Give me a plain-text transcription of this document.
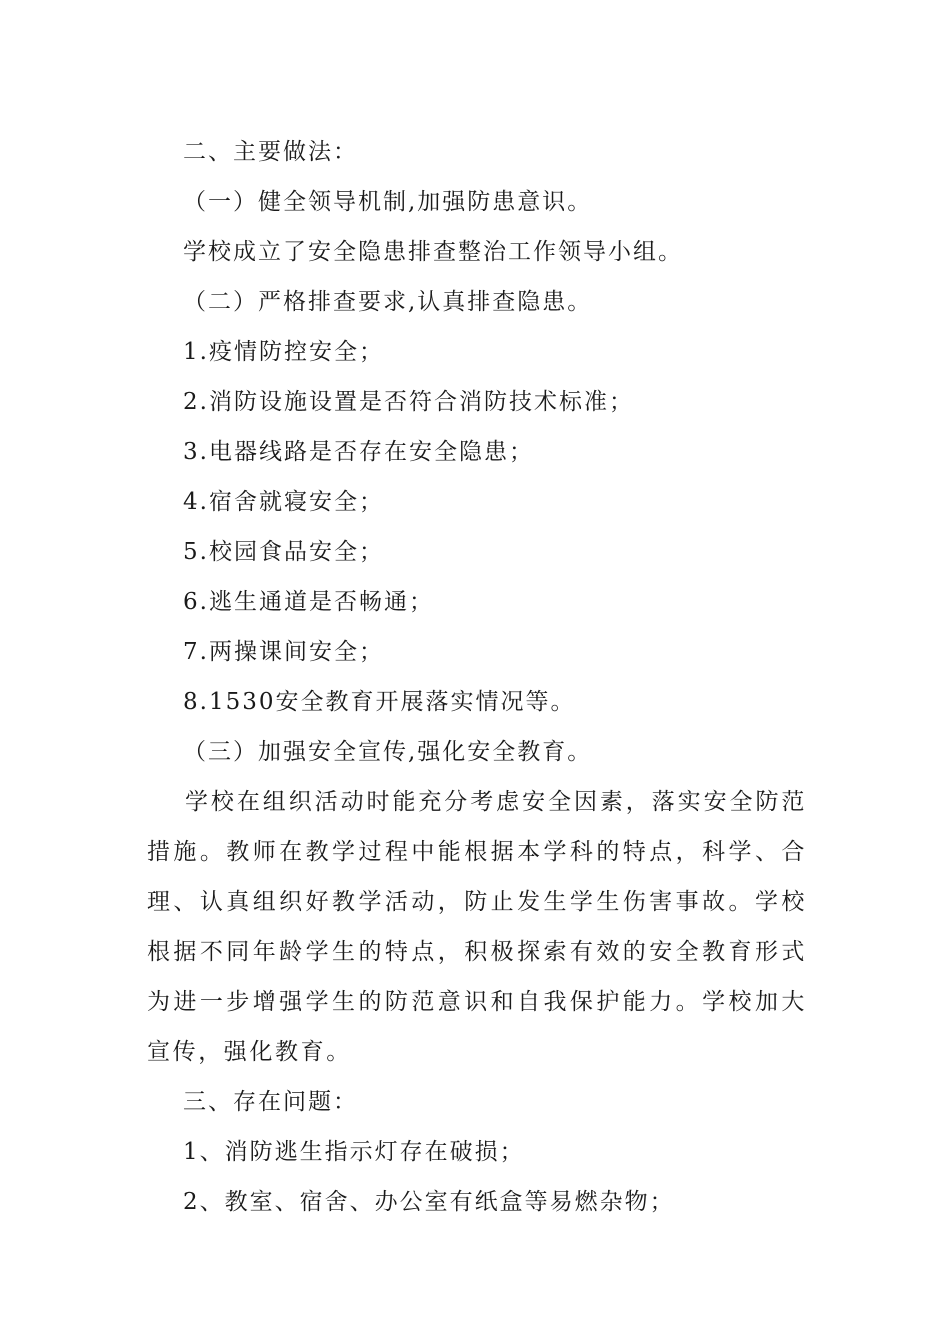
二、主要做法：
（一）健全领导机制,加强防患意识。
学校成立了安全隐患排查整治工作领导小组。
（二）严格排查要求,认真排查隐患。
1.疫情防控安全；
2.消防设施设置是否符合消防技术标准；
3.电器线路是否存在安全隐患；
4.宿舍就寝安全；
5.校园食品安全；
6.逃生通道是否畅通；
7.两操课间安全；
8.1530安全教育开展落实情况等。
（三）加强安全宣传,强化安全教育。
学校在组织活动时能充分考虑安全因素，落实安全防范措施。教师在教学过程中能根据本学科的特点，科学、合理、认真组织好教学活动，防止发生学生伤害事故。学校根据不同年龄学生的特点，积极探索有效的安全教育形式为进一步增强学生的防范意识和自我保护能力。学校加大宣传，强化教育。
三、存在问题：
1、消防逃生指示灯存在破损；
2、教室、宿舍、办公室有纸盒等易燃杂物；
